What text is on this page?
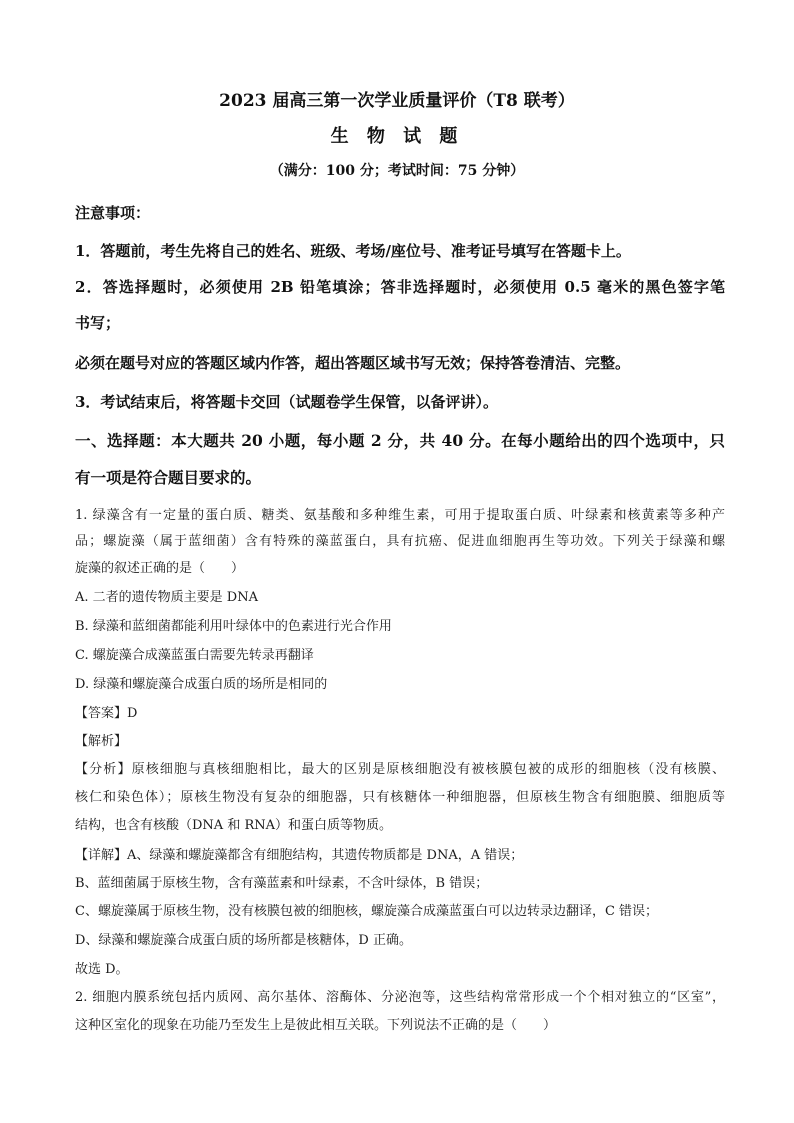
2023 届高三第一次学业质量评价（T8 联考）
生 物 试 题
（满分：100 分；考试时间：75 分钟）
注意事项：
1．答题前，考生先将自己的姓名、班级、考场/座位号、准考证号填写在答题卡上。
2．答选择题时，必须使用 2B 铅笔填涂；答非选择题时，必须使用 0.5 毫米的黑色签字笔
书写；
必须在题号对应的答题区域内作答，超出答题区域书写无效；保持答卷清洁、完整。
3．考试结束后，将答题卡交回（试题卷学生保管，以备评讲）。
一、选择题：本大题共 20 小题，每小题 2 分，共 40 分。在每小题给出的四个选项中，只
有一项是符合题目要求的。
1. 绿藻含有一定量的蛋白质、糖类、氨基酸和多种维生素，可用于提取蛋白质、叶绿素和核黄素等多种产
品；螺旋藻（属于蓝细菌）含有特殊的藻蓝蛋白，具有抗癌、促进血细胞再生等功效。下列关于绿藻和螺
旋藻的叙述正确的是（　　）
A. 二者的遗传物质主要是 DNA
B. 绿藻和蓝细菌都能利用叶绿体中的色素进行光合作用
C. 螺旋藻合成藻蓝蛋白需要先转录再翻译
D. 绿藻和螺旋藻合成蛋白质的场所是相同的
【答案】D
【解析】
【分析】原核细胞与真核细胞相比，最大的区别是原核细胞没有被核膜包被的成形的细胞核（没有核膜、
核仁和染色体）；原核生物没有复杂的细胞器，只有核糖体一种细胞器，但原核生物含有细胞膜、细胞质等
结构，也含有核酸（DNA 和 RNA）和蛋白质等物质。
【详解】A、绿藻和螺旋藻都含有细胞结构，其遗传物质都是 DNA，A 错误；
B、蓝细菌属于原核生物，含有藻蓝素和叶绿素，不含叶绿体，B 错误；
C、螺旋藻属于原核生物，没有核膜包被的细胞核，螺旋藻合成藻蓝蛋白可以边转录边翻译，C 错误；
D、绿藻和螺旋藻合成蛋白质的场所都是核糖体，D 正确。
故选 D。
2. 细胞内膜系统包括内质网、高尔基体、溶酶体、分泌泡等，这些结构常常形成一个个相对独立的“区室”，
这种区室化的现象在功能乃至发生上是彼此相互关联。下列说法不正确的是（　　）
